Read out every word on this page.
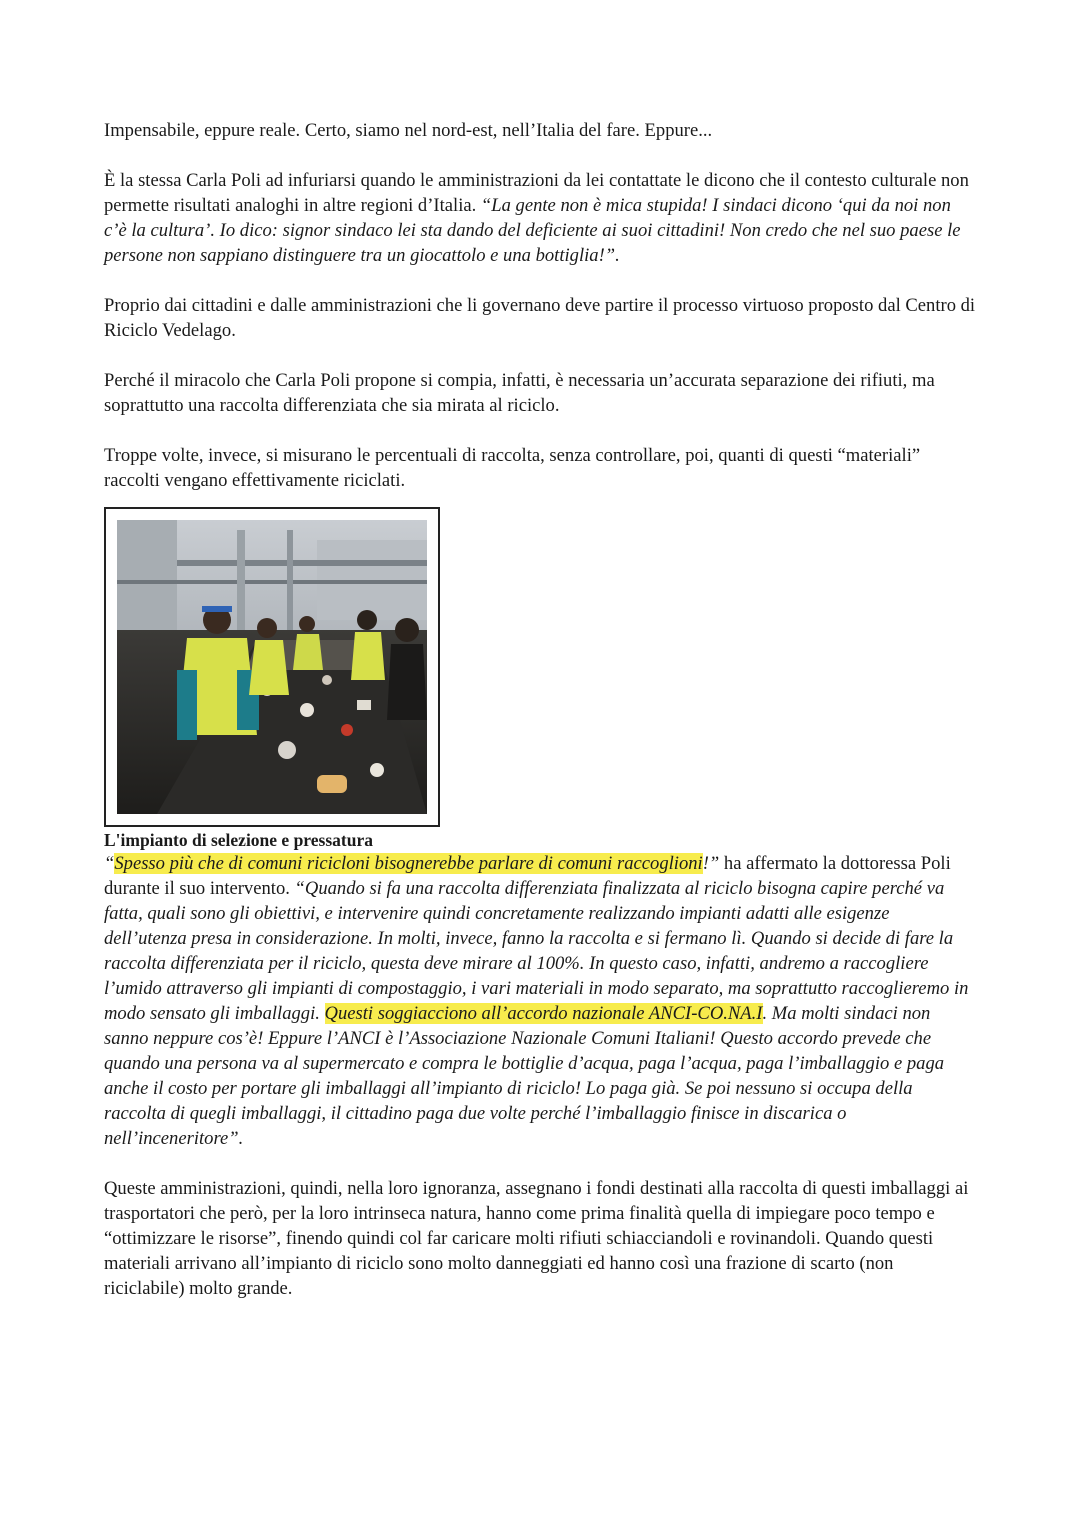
Impensabile, eppure reale. Certo, siamo nel nord-est, nell’Italia del fare. Eppure...

È la stessa Carla Poli ad infuriarsi quando le amministrazioni da lei contattate le dicono che il contesto culturale non permette risultati analoghi in altre regioni d’Italia. “La gente non è mica stupida! I sindaci dicono ‘qui da noi non c’è la cultura’. Io dico: signor sindaco lei sta dando del deficiente ai suoi cittadini! Non credo che nel suo paese le persone non sappiano distinguere tra un giocattolo e una bottiglia!”.

Proprio dai cittadini e dalle amministrazioni che li governano deve partire il processo virtuoso proposto dal Centro di Riciclo Vedelago.

Perché il miracolo che Carla Poli propone si compia, infatti, è necessaria un’accurata separazione dei rifiuti, ma soprattutto una raccolta differenziata che sia mirata al riciclo.

Troppe volte, invece, si misurano le percentuali di raccolta, senza controllare, poi, quanti di questi “materiali” raccolti vengano effettivamente riciclati.

L'impianto di selezione e pressatura

“Spesso più che di comuni ricicloni bisognerebbe parlare di comuni raccoglioni!” ha affermato la dottoressa Poli durante il suo intervento. “Quando si fa una raccolta differenziata finalizzata al riciclo bisogna capire perché va fatta, quali sono gli obiettivi, e intervenire quindi concretamente realizzando impianti adatti alle esigenze dell’utenza presa in considerazione. In molti, invece, fanno la raccolta e si fermano lì. Quando si decide di fare la raccolta differenziata per il riciclo, questa deve mirare al 100%. In questo caso, infatti, andremo a raccogliere l’umido attraverso gli impianti di compostaggio, i vari materiali in modo separato, ma soprattutto raccoglieremo in modo sensato gli imballaggi. Questi soggiacciono all’accordo nazionale ANCI-CO.NA.I. Ma molti sindaci non sanno neppure cos’è! Eppure l’ANCI è l’Associazione Nazionale Comuni Italiani! Questo accordo prevede che quando una persona va al supermercato e compra le bottiglie d’acqua, paga l’acqua, paga l’imballaggio e paga anche il costo per portare gli imballaggi all’impianto di riciclo! Lo paga già. Se poi nessuno si occupa della raccolta di quegli imballaggi, il cittadino paga due volte perché l’imballaggio finisce in discarica o nell’inceneritore”.

Queste amministrazioni, quindi, nella loro ignoranza, assegnano i fondi destinati alla raccolta di questi imballaggi ai trasportatori che però, per la loro intrinseca natura, hanno come prima finalità quella di impiegare poco tempo e “ottimizzare le risorse”, finendo quindi col far caricare molti rifiuti schiacciandoli e rovinandoli. Quando questi materiali arrivano all’impianto di riciclo sono molto danneggiati ed hanno così una frazione di scarto (non riciclabile) molto grande.
